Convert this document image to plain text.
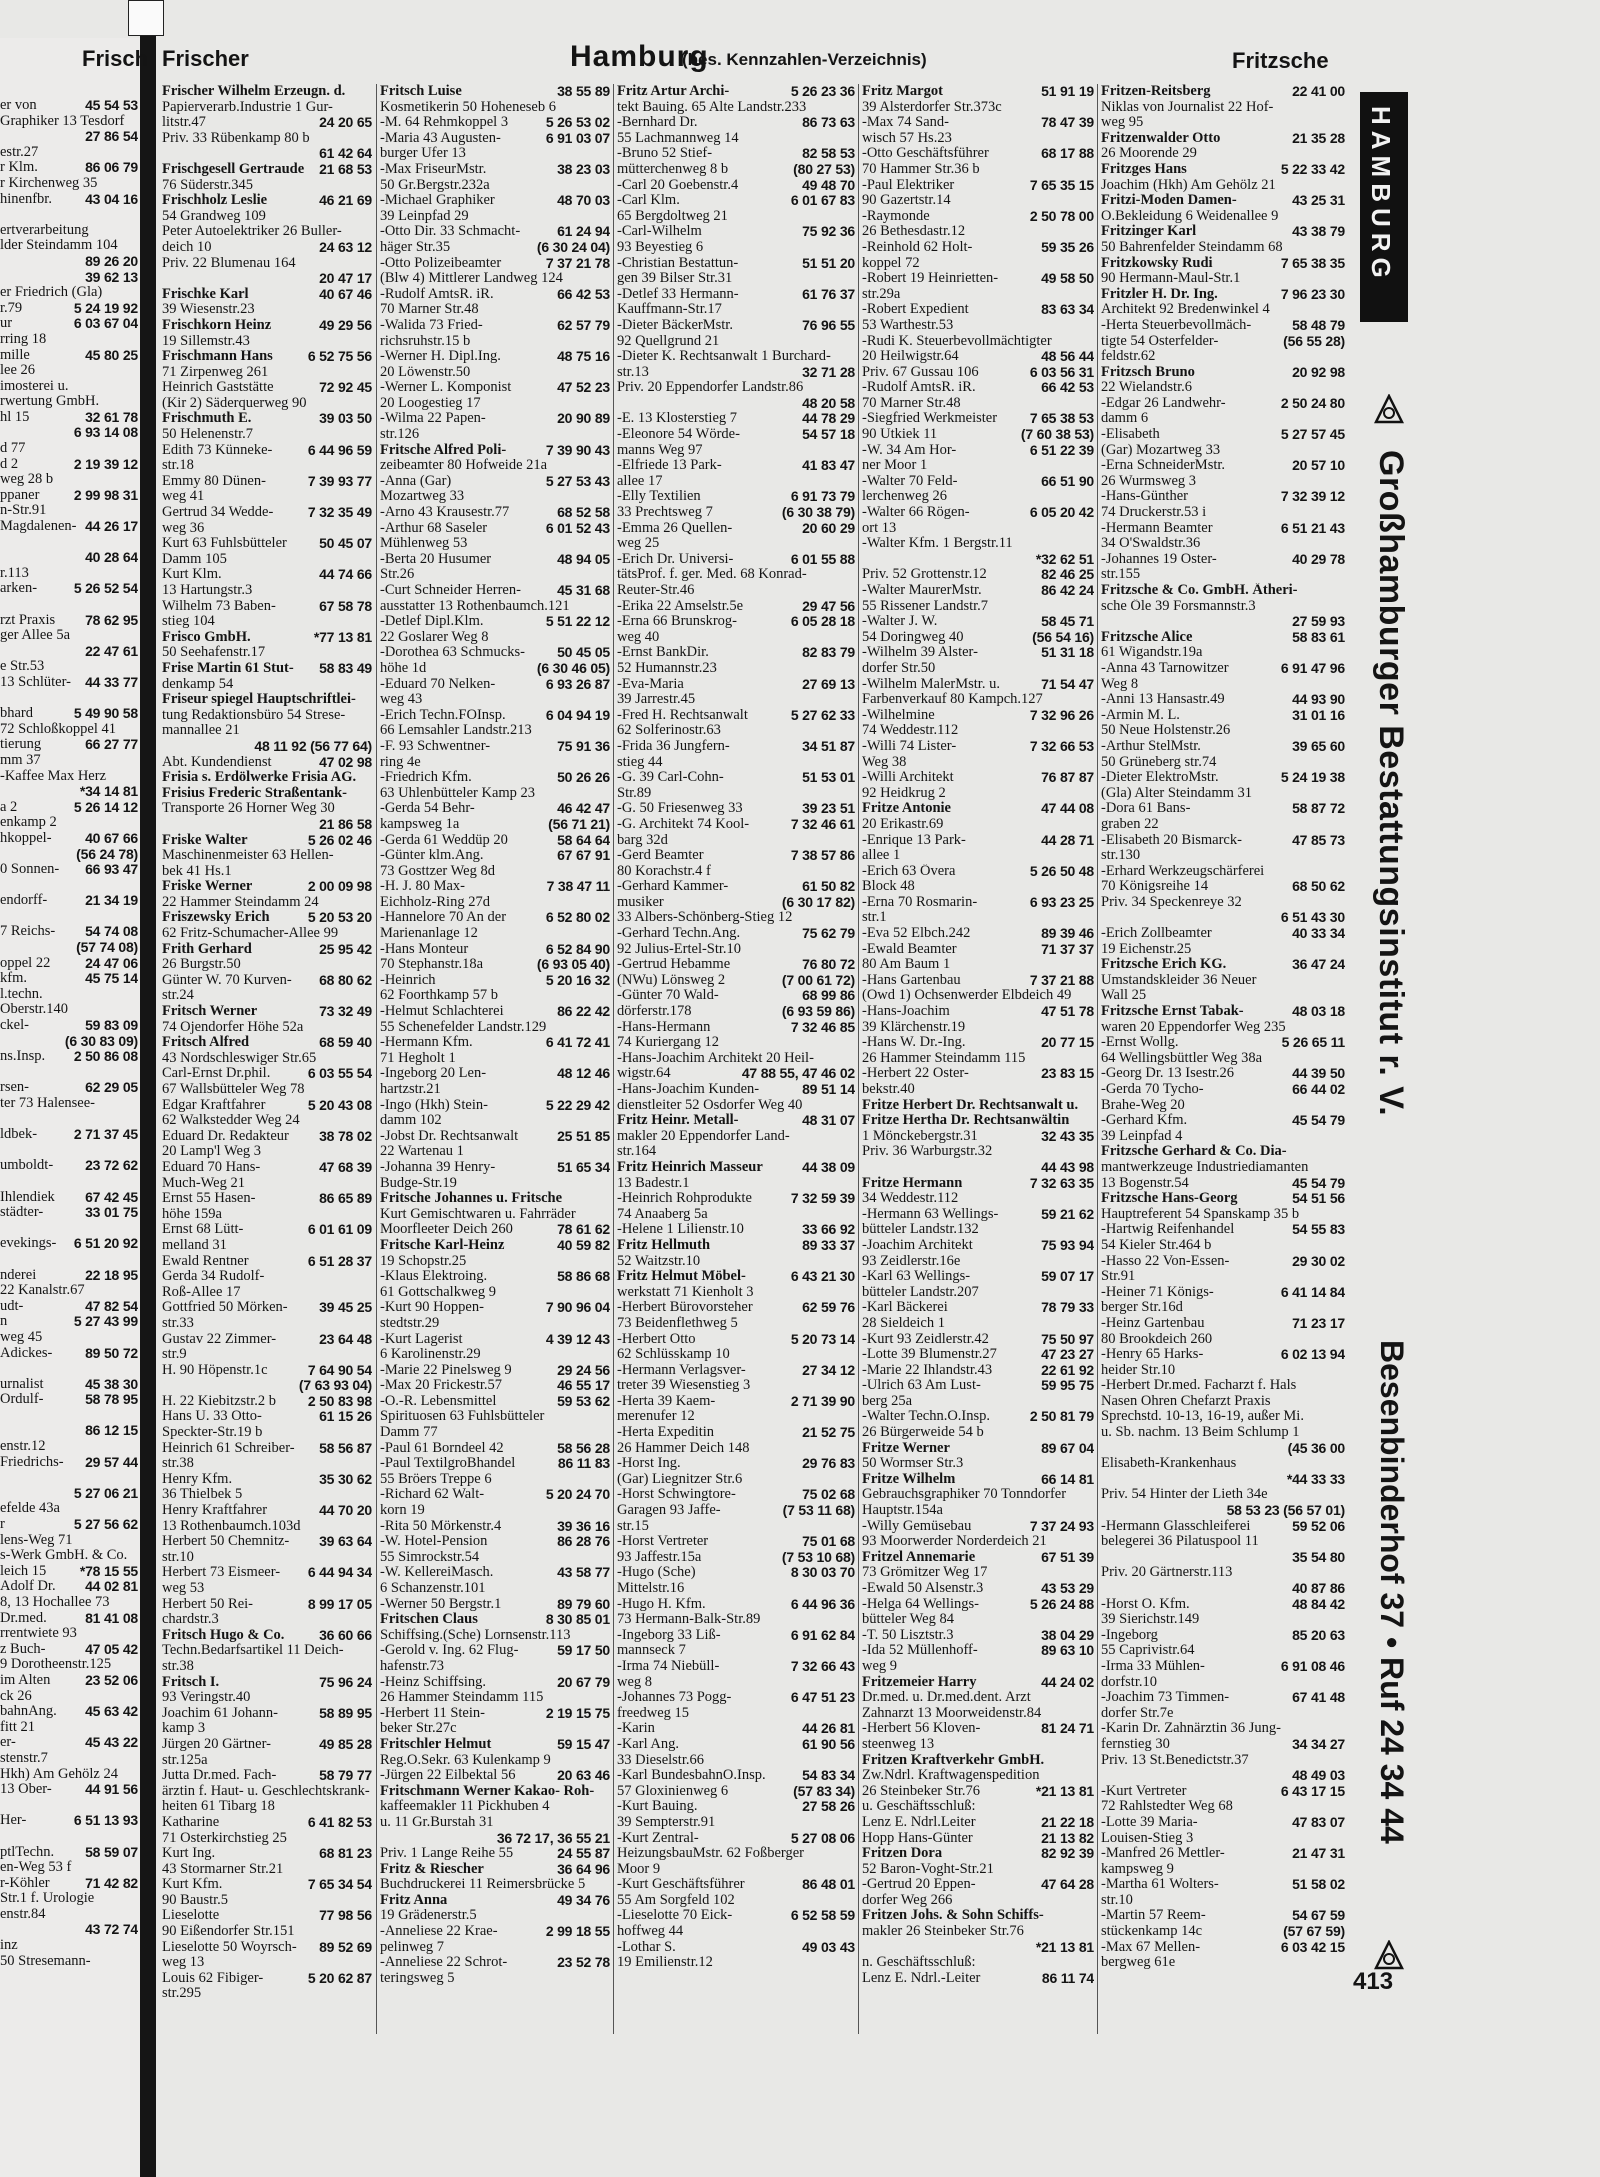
er von	45 54 53
Graphiker 13 Tesdorf
27 86 54
estr.27
r Klm.	86 06 79
r Kirchenweg 35
hinenfbr.	43 04 16
ertverarbeitung
lder Steindamm 104
89 26 20
39 62 13
er Friedrich (Gla)
r.79	5 24 19 92
ur	6 03 67 04
rring 18
mille	45 80 25
lee 26
imosterei u.
rwertung GmbH.
hl 15	32 61 78
6 93 14 08
d 77
d 2	2 19 39 12
weg 28 b
ppaner	2 99 98 31
n-Str.91
Magdalenen- 44 26 17
40 28 64
r.113
arken-	5 26 52 54
rzt Praxis	78 62 95
ger Allee 5a
22 47 61
e Str.53
13 Schlüter-	44 33 77
bhard	5 49 90 58
72 Schloßkoppel 41
tierung	66 27 77
mm 37
-Kaffee Max Herz
*34 14 81
a 2	5 26 14 12
enkamp 2
hkoppel-	40 67 66
(56 24 78)
0 Sonnen-	66 93 47
endorff-	21 34 19
7 Reichs-	54 74 08
(57 74 08)
oppel 22	24 47 06
kfm.	45 75 14
l.techn.
Oberstr.140
ckel-	59 83 09
(6 30 83 09)
ns.Insp.	2 50 86 08
rsen-	62 29 05
ter 73 Halensee-
ldbek-	2 71 37 45
umboldt-	23 72 62
Ihlendiek	67 42 45
städter-	33 01 75
evekings-	6 51 20 92
nderei	22 18 95
22 Kanalstr.67
udt-	47 82 54
n	5 27 43 99
weg 45
Adickes-	89 50 72
urnalist	45 38 30
Ordulf-	58 78 95
86 12 15
enstr.12
Friedrichs-	29 57 44
5 27 06 21
efelde 43a
r	5 27 56 62
lens-Weg 71
s-Werk GmbH. & Co.
leich 15	*78 15 55
Adolf Dr.	44 02 81
8, 13 Hochallee 73
Dr.med.	81 41 08
rrentwiete 93
z Buch-	47 05 42
9 Dorotheenstr.125
im Alten	23 52 06
ck 26
bahnAng.	45 63 42
fitt 21
er-	45 43 22
stenstr.7
Hkh) Am Gehölz 24
13 Ober-	44 91 56
Her-	6 51 13 93
ptlTechn.	58 59 07
en-Weg 53 f
r-Köhler	71 42 82
Str.1 f. Urologie
enstr.84
43 72 74
inz
50 Stresemann-
Frisch Frischer	Hamburg
(bes. Kennzahlen-Verzeichnis)	Fritzsche
Frischer Wilhelm Erzeugn. d.
Papierverarb.Industrie 1 Gur-
litstr.47	24 20 65
Priv. 33 Rübenkamp 80 b
61 42 64
Frischgesell Gertraude	21 68 53
76 Süderstr.345
Frischholz Leslie	46 21 69
54 Grandweg 109
Peter Autoelektriker 26 Buller-
deich 10	24 63 12
Priv. 22 Blumenau 164
20 47 17
Frischke Karl	40 67 46
39 Wiesenstr.23
Frischkorn Heinz	49 29 56
19 Sillemstr.43
Frischmann Hans	6 52 75 56
71 Zirpenweg 261
Heinrich Gaststätte	72 92 45
(Kir 2) Säderquerweg 90
Frischmuth E.	39 03 50
50 Helenenstr.7
Edith 73 Künneke-	6 44 96 59
str.18
Emmy 80 Dünen-	7 39 93 77
weg 41
Gertrud 34 Wedde-	7 32 35 49
weg 36
Kurt 63 Fuhlsbütteler	50 45 07
Damm 105
Kurt Klm.	44 74 66
13 Hartungstr.3
Wilhelm 73 Baben-	67 58 78
stieg 104
Frisco GmbH.	*77 13 81
50 Seehafenstr.17
Frise Martin 61 Stut-	58 83 49
denkamp 54
Friseur spiegel Hauptschriftlei-
tung Redaktionsbüro 54 Strese-
mannallee 21
48 11 92 (56 77 64)
Abt. Kundendienst	47 02 98
Frisia s. Erdölwerke Frisia AG.
Frisius Frederic Straßentank-
Transporte 26 Horner Weg 30
21 86 58
Friske Walter	5 26 02 46
Maschinenmeister 63 Hellen-
bek 41 Hs.1
Friske Werner	2 00 09 98
22 Hammer Steindamm 24
Friszewsky Erich	5 20 53 20
62 Fritz-Schumacher-Allee 99
Frith Gerhard	25 95 42
26 Burgstr.50
Günter W. 70 Kurven-	68 80 62
str.24
Fritsch Werner	73 32 49
74 Ojendorfer Höhe 52a
Fritsch Alfred	68 59 40
43 Nordschleswiger Str.65
Carl-Ernst Dr.phil.	6 03 55 54
67 Wallsbütteler Weg 78
Edgar Kraftfahrer	5 20 43 08
62 Walkstedder Weg 24
Eduard Dr. Redakteur	38 78 02
20 Lamp'l Weg 3
Eduard 70 Hans-	47 68 39
Much-Weg 21
Ernst 55 Hasen-	86 65 89
höhe 159a
Ernst 68 Lütt-	6 01 61 09
melland 31
Ewald Rentner	6 51 28 37
Gerda 34 Rudolf-
Roß-Allee 17
Gottfried 50 Mörken-	39 45 25
str.33
Gustav 22 Zimmer-	23 64 48
str.9
H. 90 Höpenstr.1c	7 64 90 54
(7 63 93 04)
H. 22 Kiebitzstr.2 b	2 50 83 98
Hans U. 33 Otto-	61 15 26
Speckter-Str.19 b
Heinrich 61 Schreiber-	58 56 87
str.38
Henry Kfm.	35 30 62
36 Thielbek 5
Henry Kraftfahrer	44 70 20
13 Rothenbaumch.103d
Herbert 50 Chemnitz-	39 63 64
str.10
Herbert 73 Eismeer-	6 44 94 34
weg 53
Herbert 50 Rei-	8 99 17 05
chardstr.3
Fritsch Hugo & Co.	36 60 66
Techn.Bedarfsartikel 11 Deich-
str.38
Fritsch I.	75 96 24
93 Veringstr.40
Joachim 61 Johann-	58 89 95
kamp 3
Jürgen 20 Gärtner-	49 85 28
str.125a
Jutta Dr.med. Fach-	58 79 77
ärztin f. Haut- u. Geschlechtskrank-
heiten 61 Tibarg 18
Katharine	6 41 82 53
71 Osterkirchstieg 25
Kurt Ing.	68 81 23
43 Stormarner Str.21
Kurt Kfm.	7 65 34 54
90 Baustr.5
Lieselotte	77 98 56
90 Eißendorfer Str.151
Lieselotte 50 Woyrsch-	89 52 69
weg 13
Louis 62 Fibiger-	5 20 62 87
str.295
Fritsch Luise	38 55 89
Kosmetikerin 50 Hoheneseb 6
-M. 64 Rehmkoppel 3	5 26 53 02
-Maria 43 Augusten-	6 91 03 07
burger Ufer 13
-Max FriseurMstr.	38 23 03
50 Gr.Bergstr.232a
-Michael Graphiker	48 70 03
39 Leinpfad 29
-Otto Dir. 33 Schmacht-	61 24 94
häger Str.35	(6 30 24 04)
-Otto Polizeibeamter	7 37 21 78
(Blw 4) Mittlerer Landweg 124
-Rudolf AmtsR. iR.	66 42 53
70 Marner Str.48
-Walida 73 Fried-	62 57 79
richsruhstr.15 b
-Werner H. Dipl.Ing.	48 75 16
20 Löwenstr.50
-Werner L. Komponist	47 52 23
20 Loogestieg 17
-Wilma 22 Papen-	20 90 89
str.126
Fritsche Alfred Poli-	7 39 90 43
zeibeamter 80 Hofweide 21a
-Anna (Gar)	5 27 53 43
Mozartweg 33
-Arno 43 Krausestr.77	68 52 58
-Arthur 68 Saseler	6 01 52 43
Mühlenweg 53
-Berta 20 Husumer	48 94 05
Str.26
-Curt Schneider Herren-	45 31 68
ausstatter 13 Rothenbaumch.121
-Detlef Dipl.Klm.	5 51 22 12
22 Goslarer Weg 8
-Dorothea 63 Schmucks-	50 45 05
höhe 1d	(6 30 46 05)
-Eduard 70 Nelken-	6 93 26 87
weg 43
-Erich Techn.FOInsp.	6 04 94 19
66 Lemsahler Landstr.213
-F. 93 Schwentner-	75 91 36
ring 4e
-Friedrich Kfm.	50 26 26
63 Uhlenbütteler Kamp 23
-Gerda 54 Behr-	46 42 47
kampsweg 1a	(56 71 21)
-Gerda 61 Weddüp 20	58 64 64
-Günter klm.Ang.	67 67 91
73 Gosttzer Weg 8d
-H. J. 80 Max-	7 38 47 11
Eichholz-Ring 27d
-Hannelore 70 An der	6 52 80 02
Marienanlage 12
-Hans Monteur	6 52 84 90
70 Stephanstr.18a	(6 93 05 40)
-Heinrich	5 20 16 32
62 Foorthkamp 57 b
-Helmut Schlachterei	86 22 42
55 Schenefelder Landstr.129
-Hermann Kfm.	6 41 72 41
71 Hegholt 1
-Ingeborg 20 Len-	48 12 46
hartzstr.21
-Ingo (Hkh) Stein-	5 22 29 42
damm 102
-Jobst Dr. Rechtsanwalt	25 51 85
22 Wartenau 1
-Johanna 39 Henry-	51 65 34
Budge-Str.19
Fritsche Johannes u. Fritsche
Kurt Gemischtwaren u. Fahrräder
Moorfleeter Deich 260	78 61 62
Fritsche Karl-Heinz	40 59 82
19 Schopstr.25
-Klaus Elektroing.	58 86 68
61 Gottschalkweg 9
-Kurt 90 Hoppen-	7 90 96 04
stedtstr.29
-Kurt Lagerist	4 39 12 43
6 Karolinenstr.29
-Marie 22 Pinelsweg 9	29 24 56
-Max 20 Frickestr.57	46 55 17
-O.-R. Lebensmittel	59 53 62
Spirituosen 63 Fuhlsbütteler
Damm 77
-Paul 61 Borndeel 42	58 56 28
-Paul TextilgroBhandel	86 11 83
55 Bröers Treppe 6
-Richard 62 Walt-	5 20 24 70
korn 19
-Rita 50 Mörkenstr.4	39 36 16
-W. Hotel-Pension	86 28 76
55 Simrockstr.54
-W. KellereiMasch.	43 58 77
6 Schanzenstr.101
-Werner 50 Bergstr.1	89 79 60
Fritschen Claus	8 30 85 01
Schiffsing.(Sche) Lornsenstr.113
-Gerold v. Ing. 62 Flug-	59 17 50
hafenstr.73
-Heinz Schiffsing.	20 67 79
26 Hammer Steindamm 115
-Herbert 11 Stein-	2 19 15 75
beker Str.27c
Fritschler Helmut	59 15 47
Reg.O.Sekr. 63 Kulenkamp 9
-Jürgen 22 Eilbektal 56	20 63 46
Fritschmann Werner Kakao- Roh-
kaffeemakler 11 Pickhuben 4
u. 11 Gr.Burstah 31
36 72 17, 36 55 21
Priv. 1 Lange Reihe 55	24 55 87
Fritz & Riescher	36 64 96
Buchdruckerei 11 Reimersbrücke 5
Fritz Anna	49 34 76
19 Grädenerstr.5
-Anneliese 22 Krae-	2 99 18 55
pelinweg 7
-Anneliese 22 Schrot-	23 52 78
teringsweg 5
Fritz Artur Archi-	5 26 23 36
tekt Bauing. 65 Alte Landstr.233
-Bernhard Dr.	86 73 63
55 Lachmannweg 14
-Bruno 52 Stief-	82 58 53
mütterchenweg 8 b	(80 27 53)
-Carl 20 Goebenstr.4	49 48 70
-Carl Klm.	6 01 67 83
65 Bergdoltweg 21
-Carl-Wilhelm	75 92 36
93 Beyestieg 6
-Christian Bestattun-	51 51 20
gen 39 Bilser Str.31
-Detlef 33 Hermann-	61 76 37
Kauffmann-Str.17
-Dieter BäckerMstr.	76 96 55
92 Quellgrund 21
-Dieter K. Rechtsanwalt 1 Burchard-
str.13	32 71 28
Priv. 20 Eppendorfer Landstr.86
48 20 58
-E. 13 Klosterstieg 7	44 78 29
-Eleonore 54 Wörde-	54 57 18
manns Weg 97
-Elfriede 13 Park-	41 83 47
allee 17
-Elly Textilien	6 91 73 79
33 Prechtsweg 7	(6 30 38 79)
-Emma 26 Quellen-	20 60 29
weg 25
-Erich Dr. Universi-	6 01 55 88
tätsProf. f. ger. Med. 68 Konrad-
Reuter-Str.46
-Erika 22 Amselstr.5e	29 47 56
-Erna 66 Brunskrog-	6 05 28 18
weg 40
-Ernst BankDir.	82 83 79
52 Humannstr.23
-Eva-Maria	27 69 13
39 Jarrestr.45
-Fred H. Rechtsanwalt	5 27 62 33
62 Solferinostr.63
-Frida 36 Jungfern-	34 51 87
stieg 44
-G. 39 Carl-Cohn-	51 53 01
Str.89
-G. 50 Friesenweg 33	39 23 51
-G. Architekt 74 Kool-	7 32 46 61
barg 32d
-Gerd Beamter	7 38 57 86
80 Korachstr.4 f
-Gerhard Kammer-	61 50 82
musiker	(6 30 17 82)
33 Albers-Schönberg-Stieg 12
-Gerhard Techn.Ang.	75 62 79
92 Julius-Ertel-Str.10
-Gertrud Hebamme	76 80 72
(NWu) Lönsweg 2	(7 00 61 72)
-Günter 70 Wald-	68 99 86
dörferstr.178	(6 93 59 86)
-Hans-Hermann	7 32 46 85
74 Kuriergang 12
-Hans-Joachim Architekt 20 Heil-
wigstr.64	47 88 55, 47 46 02
-Hans-Joachim Kunden-	89 51 14
dienstleiter 52 Osdorfer Weg 40
Fritz Heinr. Metall-	48 31 07
makler 20 Eppendorfer Land-
str.164
Fritz Heinrich Masseur	44 38 09
13 Badestr.1
-Heinrich Rohprodukte	7 32 59 39
74 Anaaberg 5a
-Helene 1 Lilienstr.10	33 66 92
Fritz Hellmuth	89 33 37
52 Waitzstr.10
Fritz Helmut Möbel-	6 43 21 30
werkstatt 71 Kienholt 3
-Herbert Bürovorsteher	62 59 76
73 Beidenflethweg 5
-Herbert Otto	5 20 73 14
62 Schlüsskamp 10
-Hermann Verlagsver-	27 34 12
treter 39 Wiesenstieg 3
-Herta 39 Kaem-	2 71 39 90
merenufer 12
-Herta Expeditin	21 52 75
26 Hammer Deich 148
-Horst Ing.	29 76 83
(Gar) Liegnitzer Str.6
-Horst Schwingtore-	75 02 68
Garagen 93 Jaffe-	(7 53 11 68)
str.15
-Horst Vertreter	75 01 68
93 Jaffestr.15a	(7 53 10 68)
-Hugo (Sche)	8 30 03 70
Mittelstr.16
-Hugo H. Kfm.	6 44 96 36
73 Hermann-Balk-Str.89
-Ingeborg 33 Liß-	6 91 62 84
mannseck 7
-Irma 74 Niebüll-	7 32 66 43
weg 8
-Johannes 73 Pogg-	6 47 51 23
freedweg 15
-Karin	44 26 81
-Karl Ang.	61 90 56
33 Dieselstr.66
-Karl BundesbahnO.Insp.	54 83 34
57 Gloxinienweg 6	(57 83 34)
-Kurt Bauing.	27 58 26
39 Sempterstr.91
-Kurt Zentral-	5 27 08 06
HeizungsbauMstr. 62 Foßberger
Moor 9
-Kurt Geschäftsführer	86 48 01
55 Am Sorgfeld 102
-Lieselotte 70 Eick-	6 52 58 59
hoffweg 44
-Lothar S.	49 03 43
19 Emilienstr.12
Fritz Margot	51 91 19
39 Alsterdorfer Str.373c
-Max 74 Sand-	78 47 39
wisch 57 Hs.23
-Otto Geschäftsführer	68 17 88
70 Hammer Str.36 b
-Paul Elektriker	7 65 35 15
90 Gazertstr.14
-Raymonde	2 50 78 00
26 Bethesdastr.12
-Reinhold 62 Holt-	59 35 26
koppel 72
-Robert 19 Heinrietten-	49 58 50
str.29a
-Robert Expedient	83 63 34
53 Warthestr.53
-Rudi K. Steuerbevollmächtigter
20 Heilwigstr.64	48 56 44
Priv. 67 Gussau 106	6 03 56 31
-Rudolf AmtsR. iR.	66 42 53
70 Marner Str.48
-Siegfried Werkmeister	7 65 38 53
90 Utkiek 11	(7 60 38 53)
-W. 34 Am Hor-	6 51 22 39
ner Moor 1
-Walter 70 Feld-	66 51 90
lerchenweg 26
-Walter 66 Rögen-	6 05 20 42
ort 13
-Walter Kfm. 1 Bergstr.11
*32 62 51
Priv. 52 Grottenstr.12	82 46 25
-Walter MaurerMstr.	86 42 24
55 Rissener Landstr.7
-Walter J. W.	58 45 71
54 Doringweg 40	(56 54 16)
-Wilhelm 39 Alster-	51 31 18
dorfer Str.50
-Wilhelm MalerMstr. u.	71 54 47
Farbenverkauf 80 Kampch.127
-Wilhelmine	7 32 96 26
74 Weddestr.112
-Willi 74 Lister-	7 32 66 53
Weg 38
-Willi Architekt	76 87 87
92 Heidkrug 2
Fritze Antonie	47 44 08
20 Erikastr.69
-Enrique 13 Park-	44 28 71
allee 1
-Erich 63 Övera	5 26 50 48
Block 48
-Erna 70 Rosmarin-	6 93 23 25
str.1
-Eva 52 Elbch.242	89 39 46
-Ewald Beamter	71 37 37
80 Am Baum 1
-Hans Gartenbau	7 37 21 88
(Owd 1) Ochsenwerder Elbdeich 49
-Hans-Joachim	47 51 78
39 Klärchenstr.19
-Hans W. Dr.-Ing.	20 77 15
26 Hammer Steindamm 115
-Herbert 22 Oster-	23 83 15
bekstr.40
Fritze Herbert Dr. Rechtsanwalt u.
Fritze Hertha Dr. Rechtsanwältin
1 Mönckebergstr.31	32 43 35
Priv. 36 Warburgstr.32
44 43 98
Fritze Hermann	7 32 63 35
34 Weddestr.112
-Hermann 63 Wellings-	59 21 62
bütteler Landstr.132
-Joachim Architekt	75 93 94
93 Zeidlerstr.16e
-Karl 63 Wellings-	59 07 17
bütteler Landstr.207
-Karl Bäckerei	78 79 33
28 Sieldeich 1
-Kurt 93 Zeidlerstr.42	75 50 97
-Lotte 39 Blumenstr.27	47 23 27
-Marie 22 Ihlandstr.43	22 61 92
-Ulrich 63 Am Lust-	59 95 75
berg 25a
-Walter Techn.O.Insp.	2 50 81 79
26 Bürgerweide 54 b
Fritze Werner	89 67 04
50 Wormser Str.3
Fritze Wilhelm	66 14 81
Gebrauchsgraphiker 70 Tonndorfer
Hauptstr.154a
-Willy Gemüsebau	7 37 24 93
93 Moorwerder Norderdeich 21
Fritzel Annemarie	67 51 39
73 Grömitzer Weg 17
-Ewald 50 Alsenstr.3	43 53 29
-Helga 64 Wellings-	5 26 24 88
bütteler Weg 84
-T. 50 Lisztstr.3	38 04 29
-Ida 52 Müllenhoff-	89 63 10
weg 9
Fritzemeier Harry	44 24 02
Dr.med. u. Dr.med.dent. Arzt
Zahnarzt 13 Moorweidenstr.84
-Herbert 56 Kloven-	81 24 71
steenweg 13
Fritzen Kraftverkehr GmbH.
Zw.Ndrl. Kraftwagenspedition
26 Steinbeker Str.76	*21 13 81
u. Geschäftsschluß:
Lenz E. Ndrl.Leiter	21 22 18
Hopp Hans-Günter	21 13 82
Fritzen Dora	82 92 39
52 Baron-Voght-Str.21
-Gertrud 20 Eppen-	47 64 28
dorfer Weg 266
Fritzen Johs. & Sohn Schiffs-
makler 26 Steinbeker Str.76
*21 13 81
n. Geschäftsschluß:
Lenz E. Ndrl.-Leiter	86 11 74
Fritzen-Reitsberg	22 41 00
Niklas von Journalist 22 Hof-
weg 95
Fritzenwalder Otto	21 35 28
26 Moorende 29
Fritzges Hans	5 22 33 42
Joachim (Hkh) Am Gehölz 21
Fritzi-Moden Damen-	43 25 31
O.Bekleidung 6 Weidenallee 9
Fritzinger Karl	43 38 79
50 Bahrenfelder Steindamm 68
Fritzkowsky Rudi	7 65 38 35
90 Hermann-Maul-Str.1
Fritzler H. Dr. Ing.	7 96 23 30
Architekt 92 Bredenwinkel 4
-Herta Steuerbevollmäch-	58 48 79
tigte 54 Osterfelder-	(56 55 28)
feldstr.62
Fritzsch Bruno	20 92 98
22 Wielandstr.6
-Edgar 26 Landwehr-	2 50 24 80
damm 6
-Elisabeth	5 27 57 45
(Gar) Mozartweg 33
-Erna SchneiderMstr.	20 57 10
26 Wurmsweg 3
-Hans-Günther	7 32 39 12
74 Druckerstr.53 i
-Hermann Beamter	6 51 21 43
34 O'Swaldstr.36
-Johannes 19 Oster-	40 29 78
str.155
Fritzsche & Co. GmbH. Ätheri-
sche Öle 39 Forsmannstr.3
27 59 93
Fritzsche Alice	58 83 61
61 Wigandstr.19a
-Anna 43 Tarnowitzer	6 91 47 96
Weg 8
-Anni 13 Hansastr.49	44 93 90
-Armin M. L.	31 01 16
50 Neue Holstenstr.26
-Arthur StelMstr.	39 65 60
50 Grüneberg str.74
-Dieter ElektroMstr.	5 24 19 38
(Gla) Alter Steindamm 31
-Dora 61 Bans-	58 87 72
graben 22
-Elisabeth 20 Bismarck-	47 85 73
str.130
-Erhard Werkzeugschärferei
70 Königsreihe 14	68 50 62
Priv. 34 Speckenreye 32
6 51 43 30
-Erich Zollbeamter	40 33 34
19 Eichenstr.25
Fritzsche Erich KG.	36 47 24
Umstandskleider 36 Neuer
Wall 25
Fritzsche Ernst Tabak-	48 03 18
waren 20 Eppendorfer Weg 235
-Ernst Wollg.	5 26 65 11
64 Wellingsbüttler Weg 38a
-Georg Dr. 13 Isestr.26	44 39 50
-Gerda 70 Tycho-	66 44 02
Brahe-Weg 20
-Gerhard Kfm.	45 54 79
39 Leinpfad 4
Fritzsche Gerhard & Co. Dia-
mantwerkzeuge Industriediamanten
13 Bogenstr.54	45 54 79
Fritzsche Hans-Georg	54 51 56
Hauptreferent 54 Spanskamp 35 b
-Hartwig Reifenhandel	54 55 83
54 Kieler Str.464 b
-Hasso 22 Von-Essen-	29 30 02
Str.91
-Heiner 71 Königs-	6 41 14 84
berger Str.16d
-Heinz Gartenbau	71 23 17
80 Brookdeich 260
-Henry 65 Harks-	6 02 13 94
heider Str.10
-Herbert Dr.med. Facharzt f. Hals
Nasen Ohren Chefarzt Praxis
Sprechstd. 10-13, 16-19, außer Mi.
u. Sb. nachm. 13 Beim Schlump 1
(45 36 00
Elisabeth-Krankenhaus
*44 33 33
Priv. 54 Hinter der Lieth 34e
58 53 23 (56 57 01)
-Hermann Glasschleiferei	59 52 06
belegerei 36 Pilatuspool 11
35 54 80
Priv. 20 Gärtnerstr.113
40 87 86
-Horst O. Kfm.	48 84 42
39 Sierichstr.149
-Ingeborg	85 20 63
55 Caprivistr.64
-Irma 33 Mühlen-	6 91 08 46
dorfstr.10
-Joachim 73 Timmen-	67 41 48
dorfer Str.7e
-Karin Dr. Zahnärztin 36 Jung-
fernstieg 30	34 34 27
Priv. 13 St.Benedictstr.37
48 49 03
-Kurt Vertreter	6 43 17 15
72 Rahlstedter Weg 68
-Lotte 39 Maria-	47 83 07
Louisen-Stieg 3
-Manfred 26 Mettler-	21 47 31
kampsweg 9
-Martha 61 Wolters-	51 58 02
str.10
-Martin 57 Reem-	54 67 59
stückenkamp 14c	(57 67 59)
-Max 67 Mellen-	6 03 42 15
bergweg 61e
HAMBURG
Großhamburger Bestattungsinstitut r. V.
Besenbinderhof 37 • Ruf 24 34 44
413
